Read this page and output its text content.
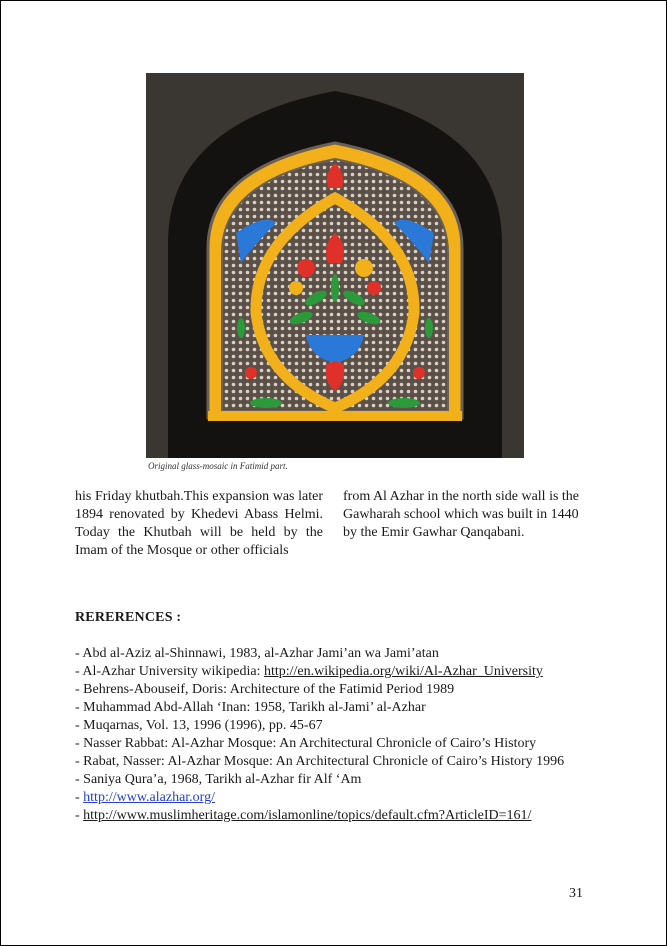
Original glass-mosaic in Fatimid part.
his Friday khutbah.This expansion was later 1894 renovated by Khedevi Abass Helmi. Today the Khutbah will be held by the Imam of the Mosque or other officials
from Al Azhar in the north side wall is the Gawharah school which was built in 1440 by the Emir Gawhar Qanqabani.
RERERENCES :
- Abd al-Aziz al-Shinnawi, 1983, al-Azhar Jami’an wa Jami’atan
- Al-Azhar University wikipedia: http://en.wikipedia.org/wiki/Al-Azhar_University
- Behrens-Abouseif, Doris: Architecture of the Fatimid Period 1989
- Muhammad Abd-Allah ‘Inan: 1958, Tarikh al-Jami’ al-Azhar
- Muqarnas, Vol. 13, 1996 (1996), pp. 45-67
- Nasser Rabbat: Al-Azhar Mosque: An Architectural Chronicle of Cairo’s History
- Rabat, Nasser: Al-Azhar Mosque: An Architectural Chronicle of Cairo’s History 1996
- Saniya Qura’a, 1968, Tarikh al-Azhar fir Alf ‘Am
- http://www.alazhar.org/
- http://www.muslimheritage.com/islamonline/topics/default.cfm?ArticleID=161/
31
